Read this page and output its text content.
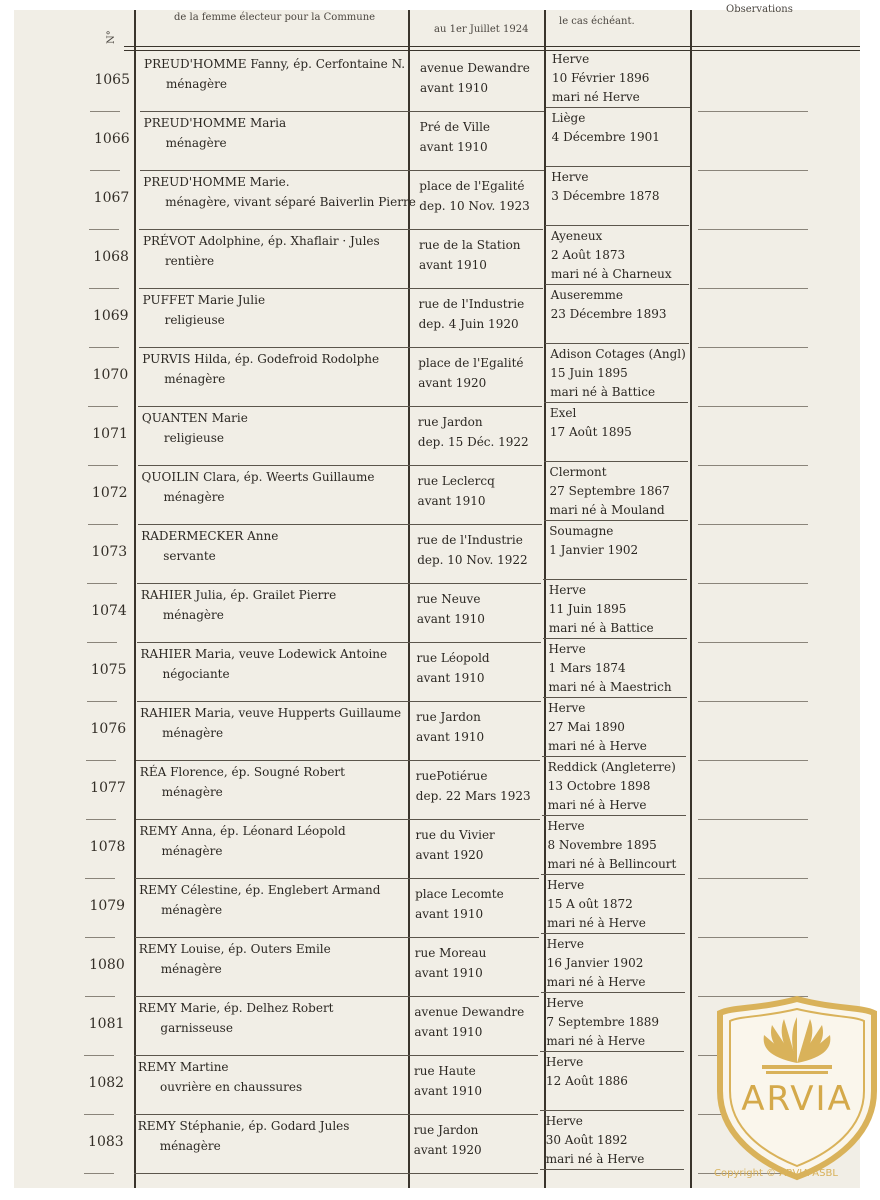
N°
de la femme électeur pour la Commune
au 1er Juillet 1924
le cas échéant.
Observations
1065
PREUD'HOMME Fanny, ép. Cerfontaine N.
ménagère
avenue Dewandre
avant 1910
Herve
10 Février 1896
mari né Herve
1066
PREUD'HOMME Maria
ménagère
Pré de Ville
avant 1910
Liège
4 Décembre 1901
1067
PREUD'HOMME Marie.
ménagère, vivant séparé Baiverlin Pierre
place de l'Egalité
dep. 10 Nov. 1923
Herve
3 Décembre 1878
1068
PRÉVOT Adolphine, ép. Xhaflair · Jules
rentière
rue de la Station
avant 1910
Ayeneux
2 Août 1873
mari né à Charneux
1069
PUFFET Marie Julie
religieuse
rue de l'Industrie
dep. 4 Juin 1920
Auseremme
23 Décembre 1893
1070
PURVIS Hilda, ép. Godefroid Rodolphe
ménagère
place de l'Egalité
avant 1920
Adison Cotages (Angl)
15 Juin 1895
mari né à Battice
1071
QUANTEN Marie
religieuse
rue Jardon
dep. 15 Déc. 1922
Exel
17 Août 1895
1072
QUOILIN Clara, ép. Weerts Guillaume
ménagère
rue Leclercq
avant 1910
Clermont
27 Septembre 1867
mari né à Mouland
1073
RADERMECKER Anne
servante
rue de l'Industrie
dep. 10 Nov. 1922
Soumagne
1 Janvier 1902
1074
RAHIER Julia, ép. Grailet Pierre
ménagère
rue Neuve
avant 1910
Herve
11 Juin 1895
mari né à Battice
1075
RAHIER Maria, veuve Lodewick Antoine
négociante
rue Léopold
avant 1910
Herve
1 Mars 1874
mari né à Maestrich
1076
RAHIER Maria, veuve Hupperts Guillaume
ménagère
rue Jardon
avant 1910
Herve
27 Mai 1890
mari né à Herve
1077
RÉA Florence, ép. Sougné Robert
ménagère
ruePotiérue
dep. 22 Mars 1923
Reddick (Angleterre)
13 Octobre 1898
mari né à Herve
1078
REMY Anna, ép. Léonard Léopold
ménagère
rue du Vivier
avant 1920
Herve
8 Novembre 1895
mari né à Bellincourt
1079
REMY Célestine, ép. Englebert Armand
ménagère
place Lecomte
avant 1910
Herve
15 A oût 1872
mari né à Herve
1080
REMY Louise, ép. Outers Emile
ménagère
rue Moreau
avant 1910
Herve
16 Janvier 1902
mari né à Herve
1081
REMY Marie, ép. Delhez Robert
garnisseuse
avenue Dewandre
avant 1910
Herve
7 Septembre 1889
mari né à Herve
1082
REMY Martine
ouvrière en chaussures
rue Haute
avant 1910
Herve
12 Août 1886
1083
REMY Stéphanie, ép. Godard Jules
ménagère
rue Jardon
avant 1920
Herve
30 Août 1892
mari né à Herve
ARVIA
Copyright © ARVIA ASBL
